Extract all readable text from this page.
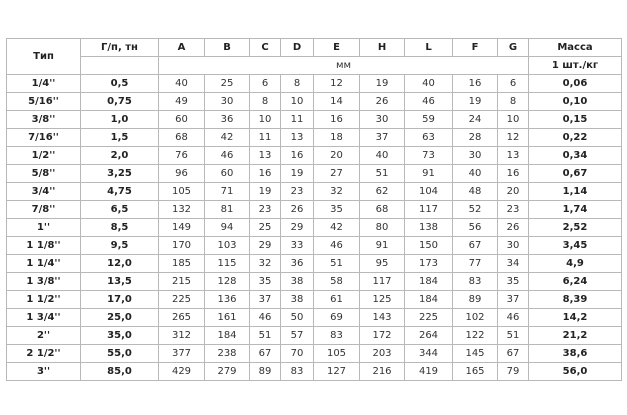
Тип	Г/п, тн	A	B	C	D	E	H	L	F	G	Масса
		мм									1 шт./кг
1/4''	0,5	40	25	6	8	12	19	40	16	6	0,06
5/16''	0,75	49	30	8	10	14	26	46	19	8	0,10
3/8''	1,0	60	36	10	11	16	30	59	24	10	0,15
7/16''	1,5	68	42	11	13	18	37	63	28	12	0,22
1/2''	2,0	76	46	13	16	20	40	73	30	13	0,34
5/8''	3,25	96	60	16	19	27	51	91	40	16	0,67
3/4''	4,75	105	71	19	23	32	62	104	48	20	1,14
7/8''	6,5	132	81	23	26	35	68	117	52	23	1,74
1''	8,5	149	94	25	29	42	80	138	56	26	2,52
1 1/8''	9,5	170	103	29	33	46	91	150	67	30	3,45
1 1/4''	12,0	185	115	32	36	51	95	173	77	34	4,9
1 3/8''	13,5	215	128	35	38	58	117	184	83	35	6,24
1 1/2''	17,0	225	136	37	38	61	125	184	89	37	8,39
1 3/4''	25,0	265	161	46	50	69	143	225	102	46	14,2
2''	35,0	312	184	51	57	83	172	264	122	51	21,2
2 1/2''	55,0	377	238	67	70	105	203	344	145	67	38,6
3''	85,0	429	279	89	83	127	216	419	165	79	56,0
